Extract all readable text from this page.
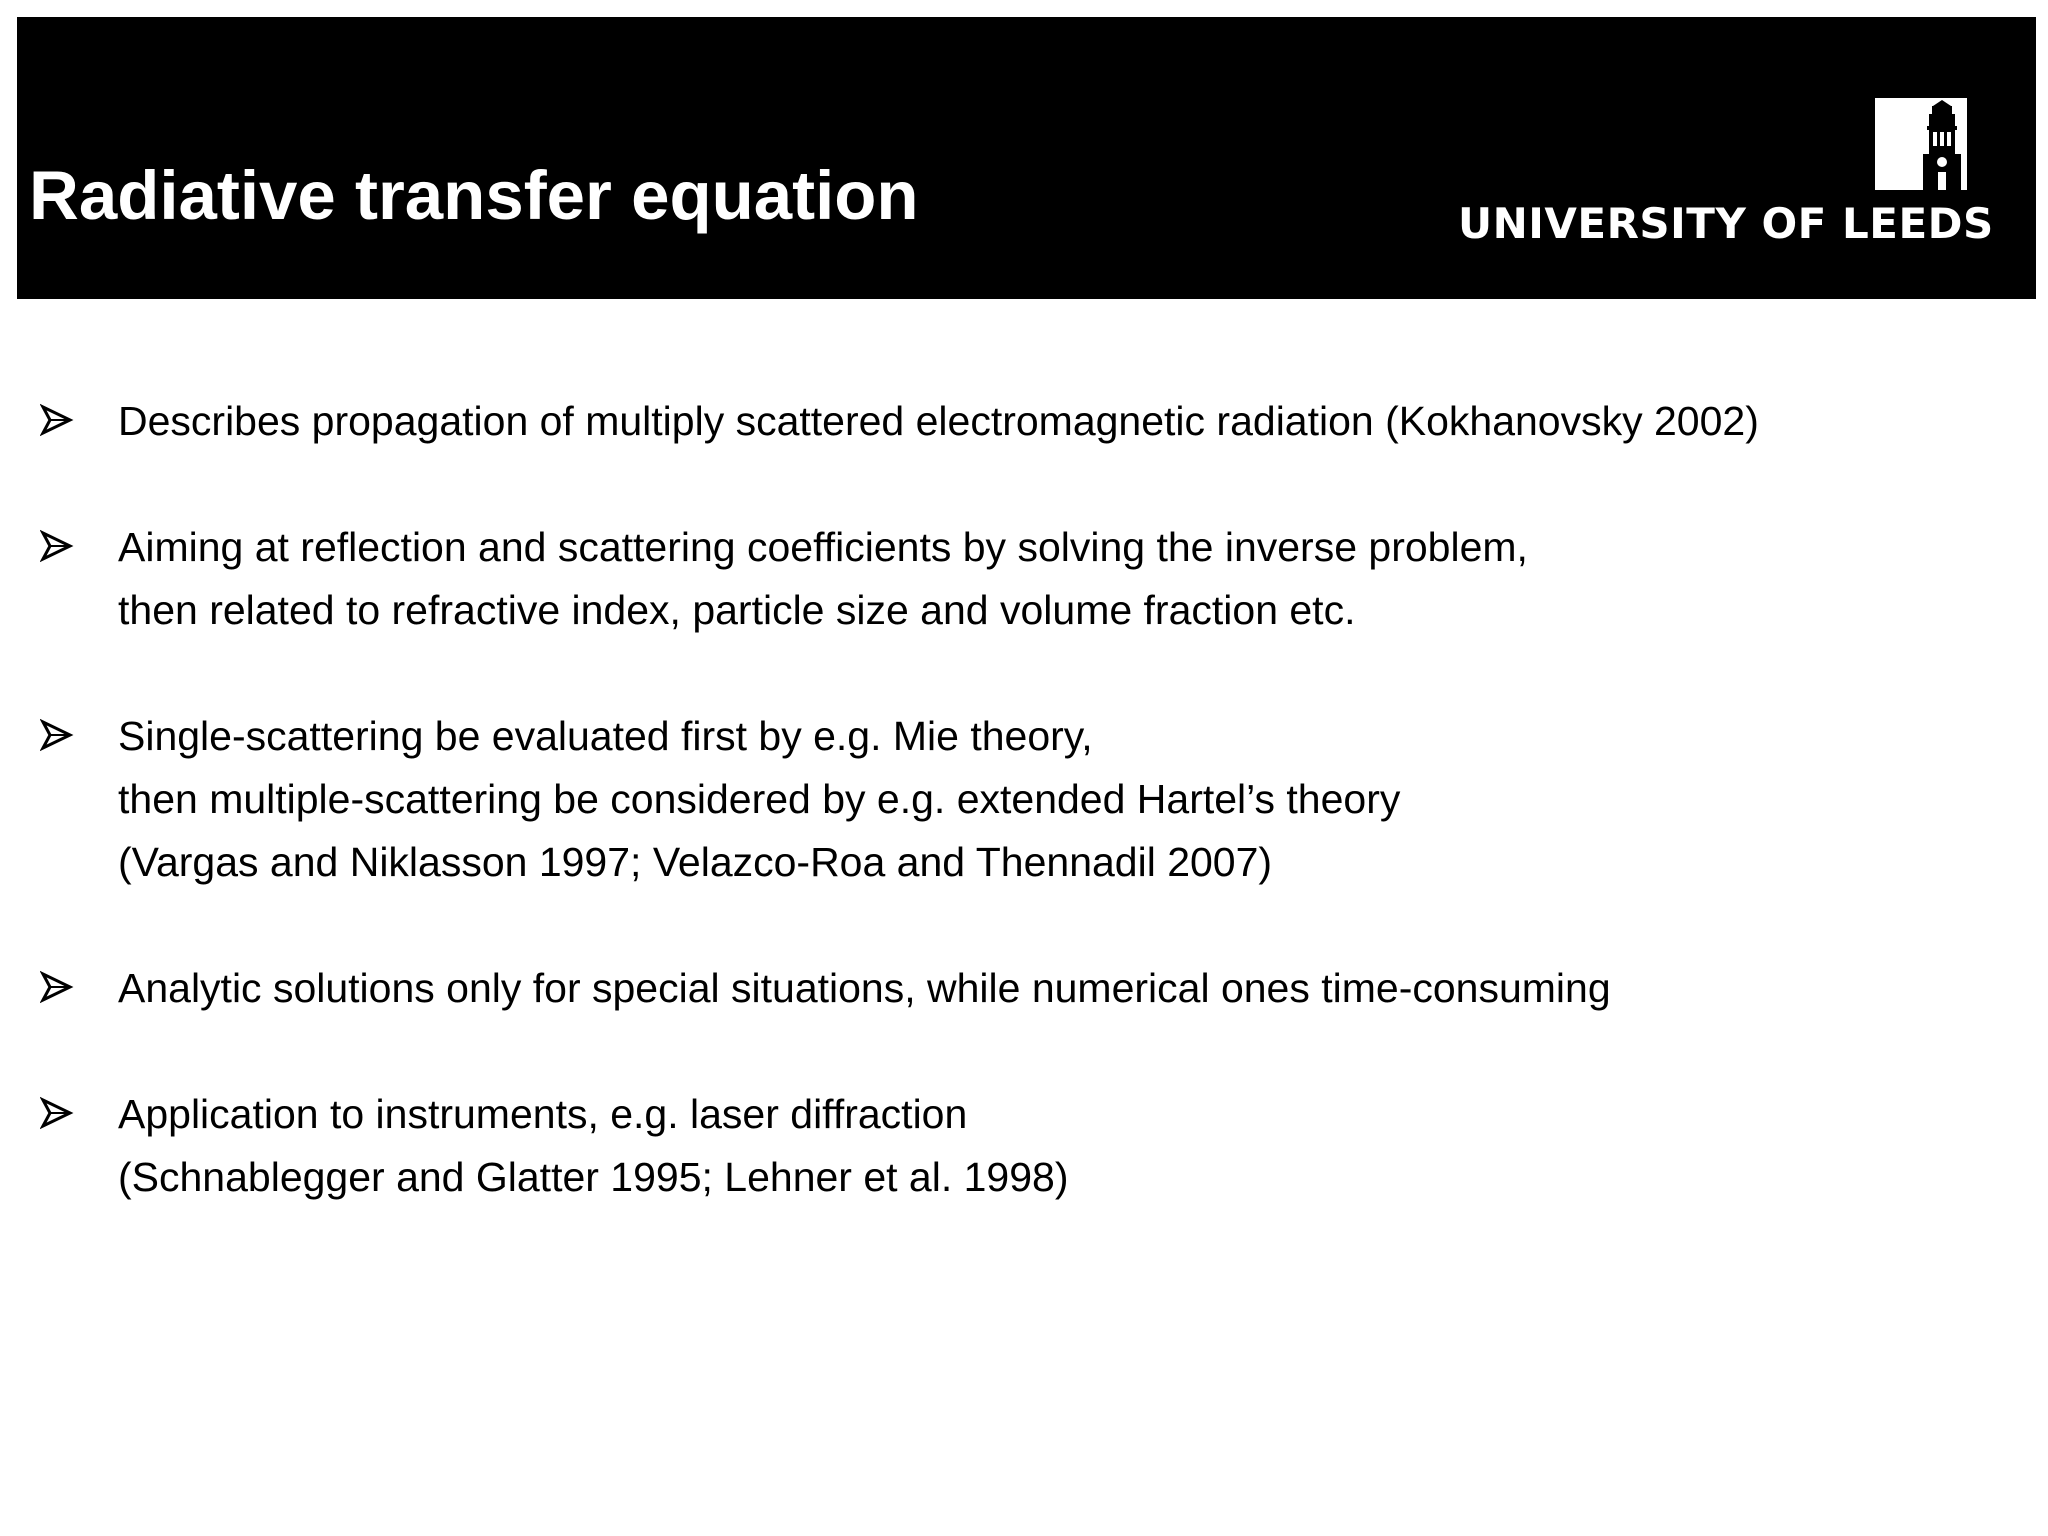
Radiative transfer equation	UNIVERSITY OF LEEDS
Describes propagation of multiply scattered electromagnetic radiation (Kokhanovsky 2002)
Aiming at reflection and scattering coefficients by solving the inverse problem,
then related to refractive index, particle size and volume fraction etc.
Single-scattering be evaluated first by e.g. Mie theory,
then multiple-scattering be considered by e.g. extended Hartel’s theory
(Vargas and Niklasson 1997; Velazco-Roa and Thennadil 2007)
Analytic solutions only for special situations, while numerical ones time-consuming
Application to instruments, e.g. laser diffraction
(Schnablegger and Glatter 1995; Lehner et al. 1998)
